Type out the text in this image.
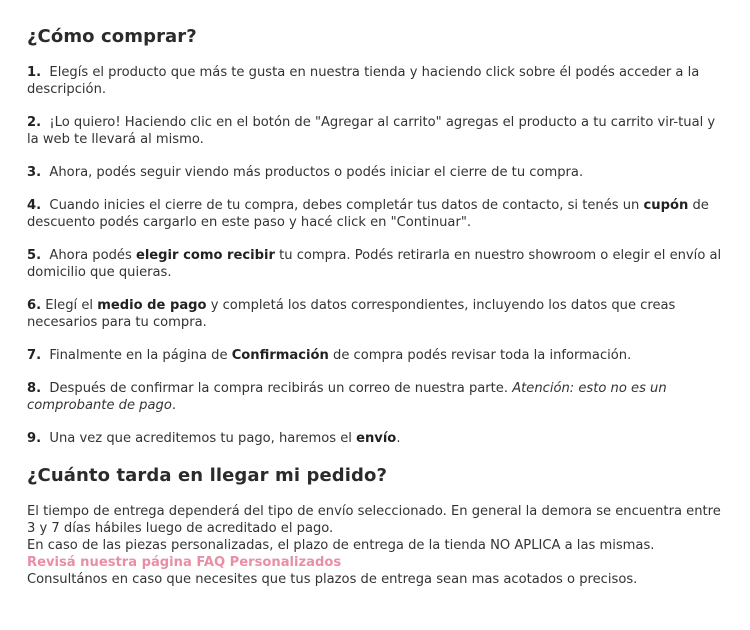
¿Cómo comprar?

1. Elegís el producto que más te gusta en nuestra tienda y haciendo click sobre él podés acceder a la descripción.

2. ¡Lo quiero! Haciendo clic en el botón de "Agregar al carrito" agregas el producto a tu carrito vir-tual y la web te llevará al mismo.

3. Ahora, podés seguir viendo más productos o podés iniciar el cierre de tu compra.

4. Cuando inicies el cierre de tu compra, debes completár tus datos de contacto, si tenés un cupón de descuento podés cargarlo en este paso y hacé click en "Continuar".

5. Ahora podés elegir como recibir tu compra. Podés retirarla en nuestro showroom o elegir el envío al domicilio que quieras.

6. Elegí el medio de pago y completá los datos correspondientes, incluyendo los datos que creas necesarios para tu compra.

7. Finalmente en la página de Confirmación de compra podés revisar toda la información.

8. Después de confirmar la compra recibirás un correo de nuestra parte. Atención: esto no es un comprobante de pago.

9. Una vez que acreditemos tu pago, haremos el envío.

¿Cuánto tarda en llegar mi pedido?

El tiempo de entrega dependerá del tipo de envío seleccionado. En general la demora se encuentra entre 3 y 7 días hábiles luego de acreditado el pago.

En caso de las piezas personalizadas, el plazo de entrega de la tienda NO APLICA a las mismas.

Revisá nuestra página FAQ Personalizados

Consultános en caso que necesites que tus plazos de entrega sean mas acotados o precisos.
